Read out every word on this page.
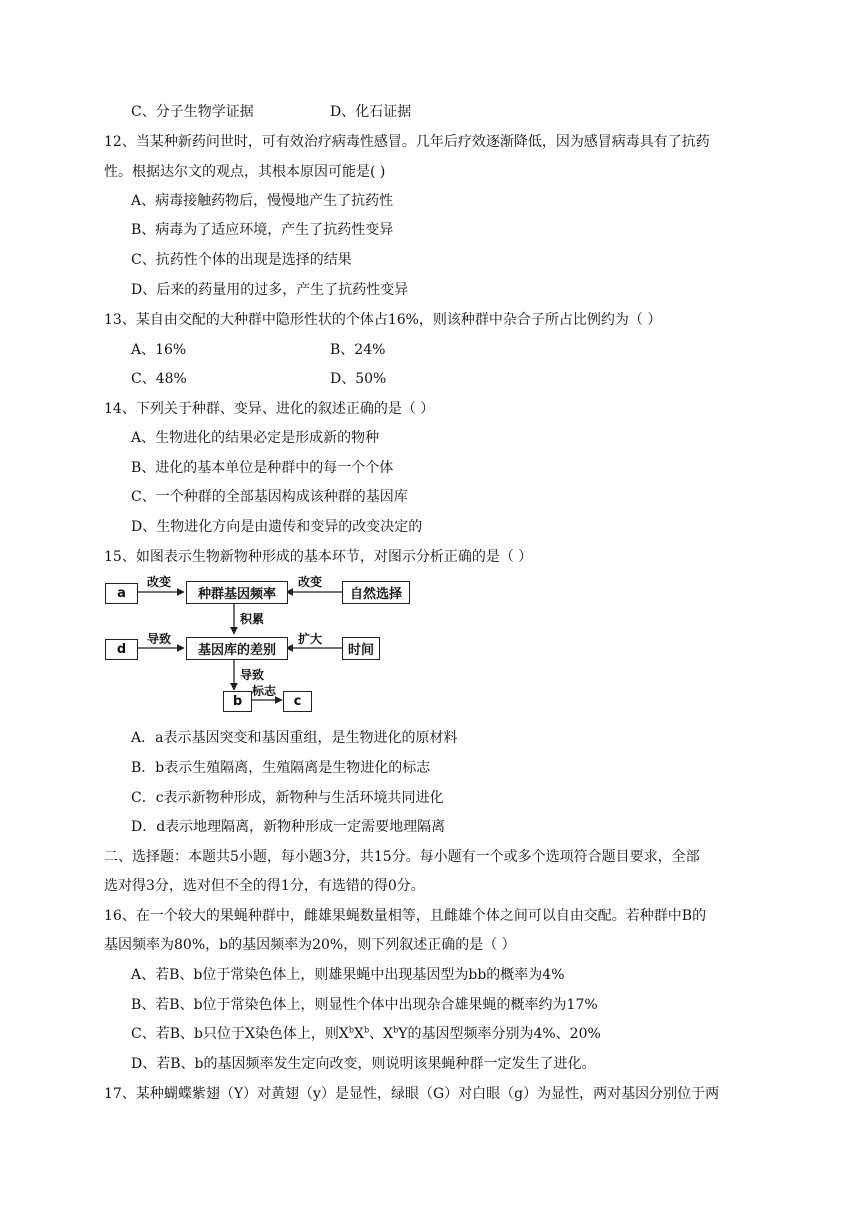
C、分子生物学证据	D、化石证据
12、当某种新药问世时，可有效治疗病毒性感冒。几年后疗效逐渐降低，因为感冒病毒具有了抗药
性。根据达尔文的观点，其根本原因可能是( )
A、病毒接触药物后，慢慢地产生了抗药性
B、病毒为了适应环境，产生了抗药性变异
C、抗药性个体的出现是选择的结果
D、后来的药量用的过多，产生了抗药性变异
13、某自由交配的大种群中隐形性状的个体占16%，则该种群中杂合子所占比例约为（ ）
A、16%	B、24%
C、48%	D、50%
14、下列关于种群、变异、进化的叙述正确的是（ ）
A、生物进化的结果必定是形成新的物种
B、进化的基本单位是种群中的每一个个体
C、一个种群的全部基因构成该种群的基因库
D、生物进化方向是由遗传和变异的改变决定的
15、如图表示生物新物种形成的基本环节，对图示分析正确的是（ ）
a	种群基因频率	自然选择
d	基因库的差别	时间
b	c
改变	改变
积累
导致	扩大
导致
标志
A．a表示基因突变和基因重组，是生物进化的原材料
B．b表示生殖隔离，生殖隔离是生物进化的标志
C．c表示新物种形成，新物种与生活环境共同进化
D．d表示地理隔离，新物种形成一定需要地理隔离
二、选择题：本题共5小题，每小题3分，共15分。每小题有一个或多个选项符合题目要求，全部
选对得3分，选对但不全的得1分，有选错的得0分。
16、在一个较大的果蝇种群中，雌雄果蝇数量相等，且雌雄个体之间可以自由交配。若种群中B的
基因频率为80%，b的基因频率为20%，则下列叙述正确的是（ ）
A、若B、b位于常染色体上，则雄果蝇中出现基因型为bb的概率为4%
B、若B、b位于常染色体上，则显性个体中出现杂合雄果蝇的概率约为17%
C、若B、b只位于X染色体上，则$X^bX^b$、$X^bY$的基因型频率分别为4%、20%
D、若B、b的基因频率发生定向改变，则说明该果蝇种群一定发生了进化。
17、某种蝴蝶紫翅（Y）对黄翅（y）是显性，绿眼（G）对白眼（g）为显性，两对基因分别位于两
